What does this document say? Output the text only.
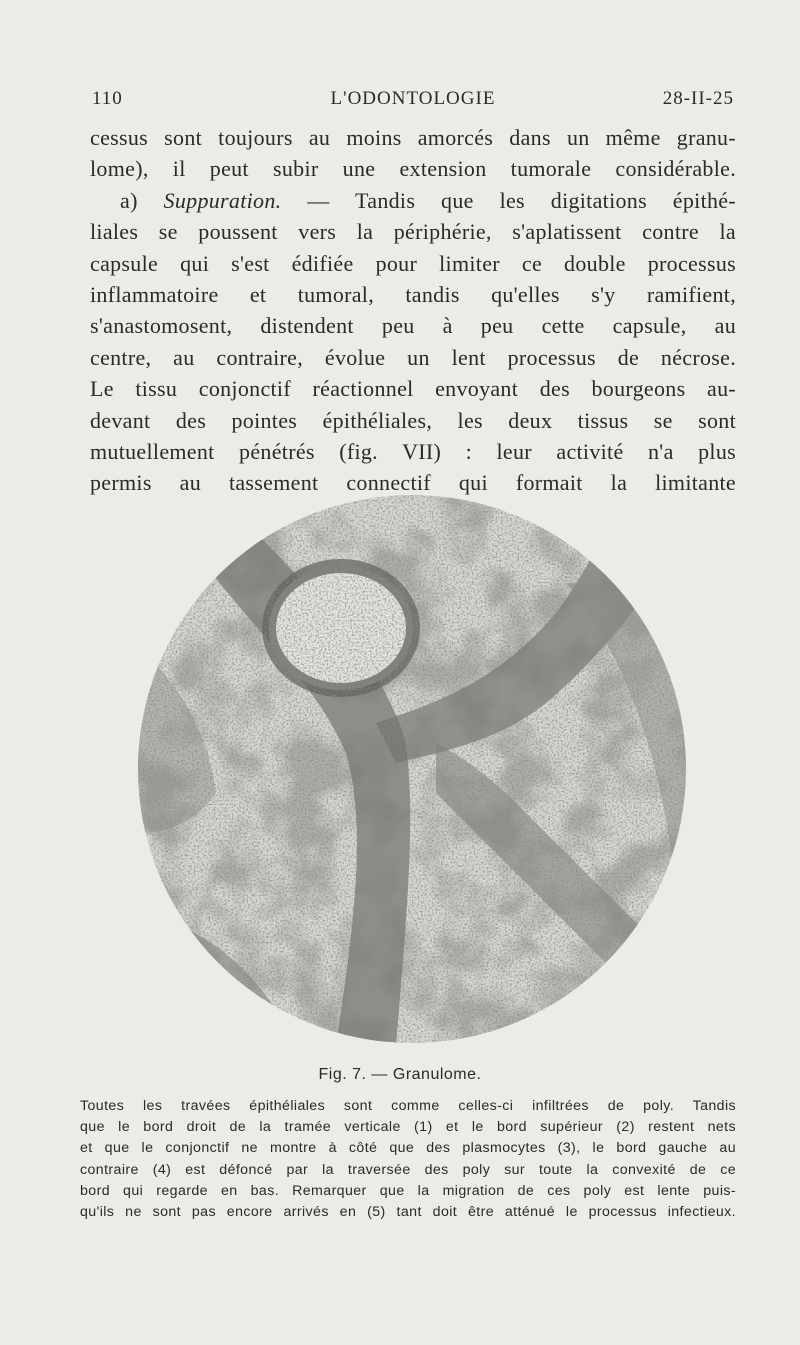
110	L'ODONTOLOGIE	28-II-25
cessus sont toujours au moins amorcés dans un même granu-
lome), il peut subir une extension tumorale considérable.
a) Suppuration. — Tandis que les digitations épithé-
liales se poussent vers la périphérie, s'aplatissent contre la
capsule qui s'est édifiée pour limiter ce double processus
inflammatoire et tumoral, tandis qu'elles s'y ramifient,
s'anastomosent, distendent peu à peu cette capsule, au
centre, au contraire, évolue un lent processus de nécrose.
Le tissu conjonctif réactionnel envoyant des bourgeons au-
devant des pointes épithéliales, les deux tissus se sont
mutuellement pénétrés (fig. VII) : leur activité n'a plus
permis au tassement connectif qui formait la limitante
Fig. 7. — Granulome.
Toutes les travées épithéliales sont comme celles-ci infiltrées de poly. Tandis
que le bord droit de la tramée verticale (1) et le bord supérieur (2) restent nets
et que le conjonctif ne montre à côté que des plasmocytes (3), le bord gauche au
contraire (4) est défoncé par la traversée des poly sur toute la convexité de ce
bord qui regarde en bas. Remarquer que la migration de ces poly est lente puis-
qu'ils ne sont pas encore arrivés en (5) tant doit être atténué le processus infectieux.
